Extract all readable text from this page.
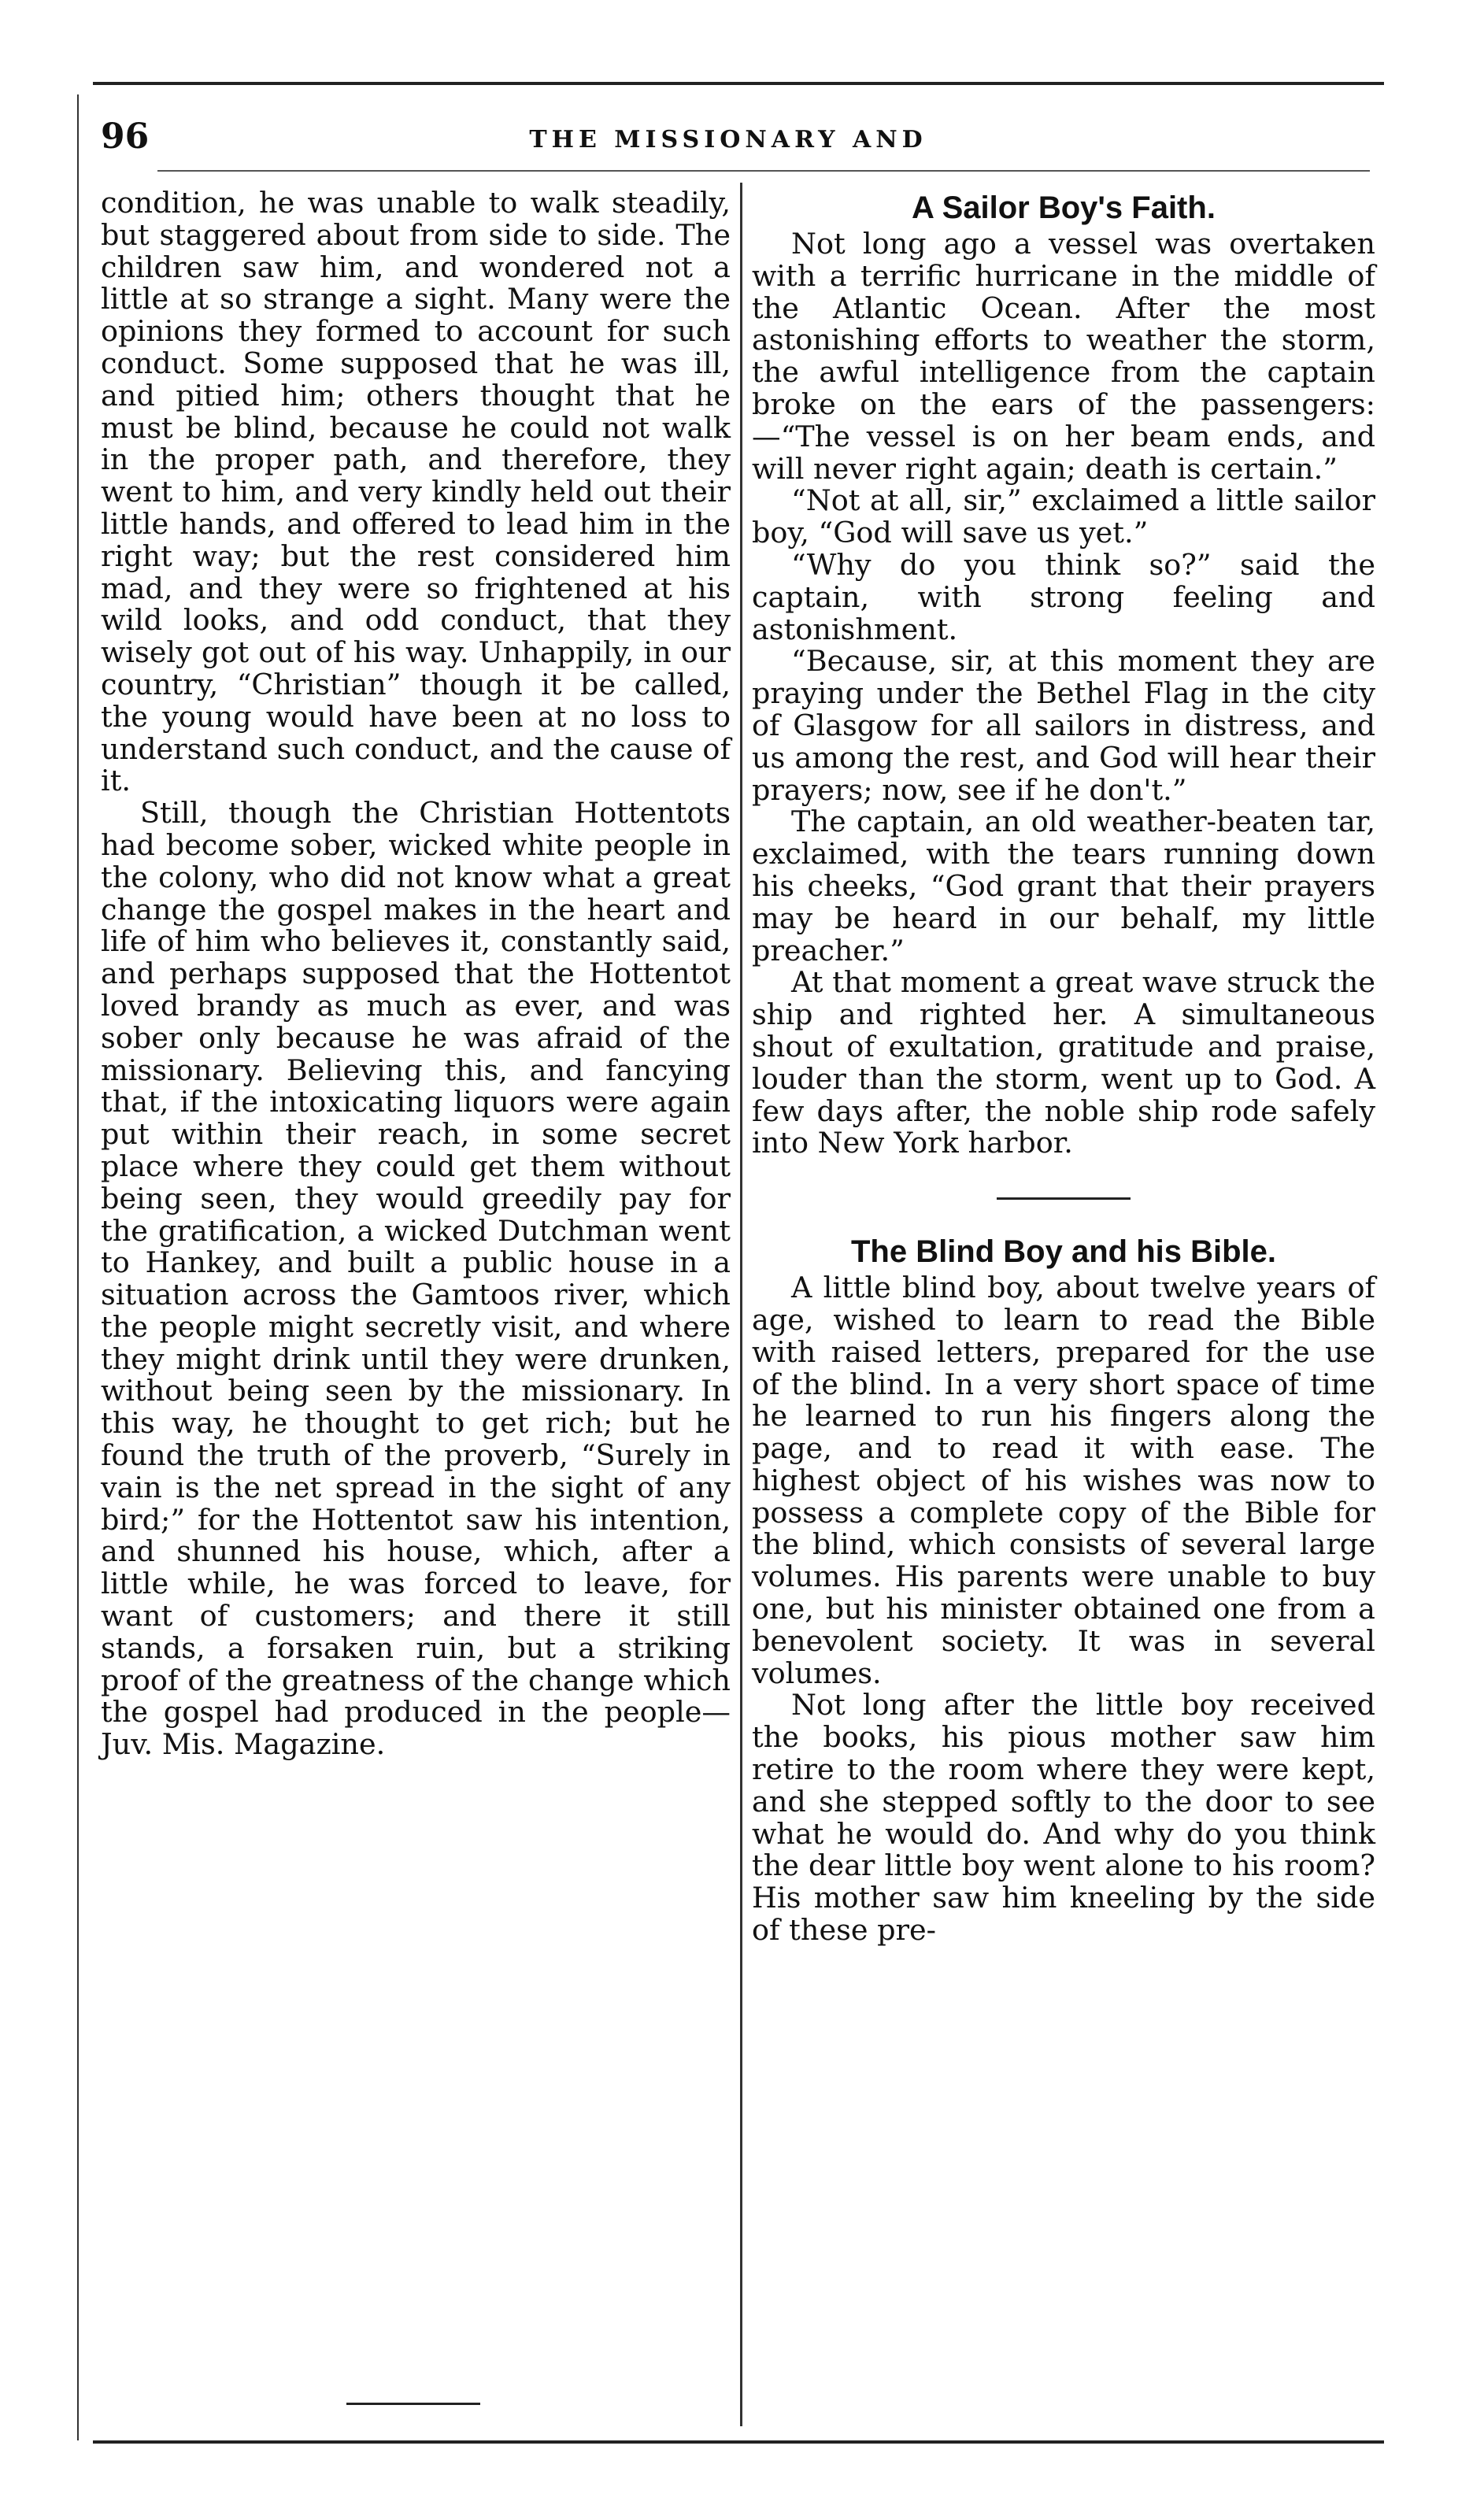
96	THE MISSIONARY AND

condition, he was unable to walk steadily, but staggered about from side to side. The children saw him, and wondered not a little at so strange a sight. Many were the opinions they formed to account for such conduct. Some supposed that he was ill, and pitied him; others thought that he must be blind, because he could not walk in the proper path, and therefore, they went to him, and very kindly held out their little hands, and offered to lead him in the right way; but the rest considered him mad, and they were so frightened at his wild looks, and odd conduct, that they wisely got out of his way. Unhappily, in our country, “Christian” though it be called, the young would have been at no loss to understand such conduct, and the cause of it.

Still, though the Christian Hottentots had become sober, wicked white people in the colony, who did not know what a great change the gospel makes in the heart and life of him who believes it, constantly said, and perhaps supposed that the Hottentot loved brandy as much as ever, and was sober only because he was afraid of the missionary. Believing this, and fancying that, if the intoxicating liquors were again put within their reach, in some secret place where they could get them without being seen, they would greedily pay for the gratification, a wicked Dutchman went to Hankey, and built a public house in a situation across the Gamtoos river, which the people might secretly visit, and where they might drink until they were drunken, without being seen by the missionary. In this way, he thought to get rich; but he found the truth of the proverb, “Surely in vain is the net spread in the sight of any bird;” for the Hottentot saw his intention, and shunned his house, which, after a little while, he was forced to leave, for want of customers; and there it still stands, a forsaken ruin, but a striking proof of the greatness of the change which the gospel had produced in the people—Juv. Mis. Magazine.

A Sailor Boy's Faith.

Not long ago a vessel was overtaken with a terrific hurricane in the middle of the Atlantic Ocean. After the most astonishing efforts to weather the storm, the awful intelligence from the captain broke on the ears of the passengers:—“The vessel is on her beam ends, and will never right again; death is certain.”

“Not at all, sir,” exclaimed a little sailor boy, “God will save us yet.”

“Why do you think so?” said the captain, with strong feeling and astonishment.

“Because, sir, at this moment they are praying under the Bethel Flag in the city of Glasgow for all sailors in distress, and us among the rest, and God will hear their prayers; now, see if he don't.”

The captain, an old weather-beaten tar, exclaimed, with the tears running down his cheeks, “God grant that their prayers may be heard in our behalf, my little preacher.”

At that moment a great wave struck the ship and righted her. A simultaneous shout of exultation, gratitude and praise, louder than the storm, went up to God. A few days after, the noble ship rode safely into New York harbor.

The Blind Boy and his Bible.

A little blind boy, about twelve years of age, wished to learn to read the Bible with raised letters, prepared for the use of the blind. In a very short space of time he learned to run his fingers along the page, and to read it with ease. The highest object of his wishes was now to possess a complete copy of the Bible for the blind, which consists of several large volumes. His parents were unable to buy one, but his minister obtained one from a benevolent society. It was in several volumes.

Not long after the little boy received the books, his pious mother saw him retire to the room where they were kept, and she stepped softly to the door to see what he would do. And why do you think the dear little boy went alone to his room? His mother saw him kneeling by the side of these pre-
